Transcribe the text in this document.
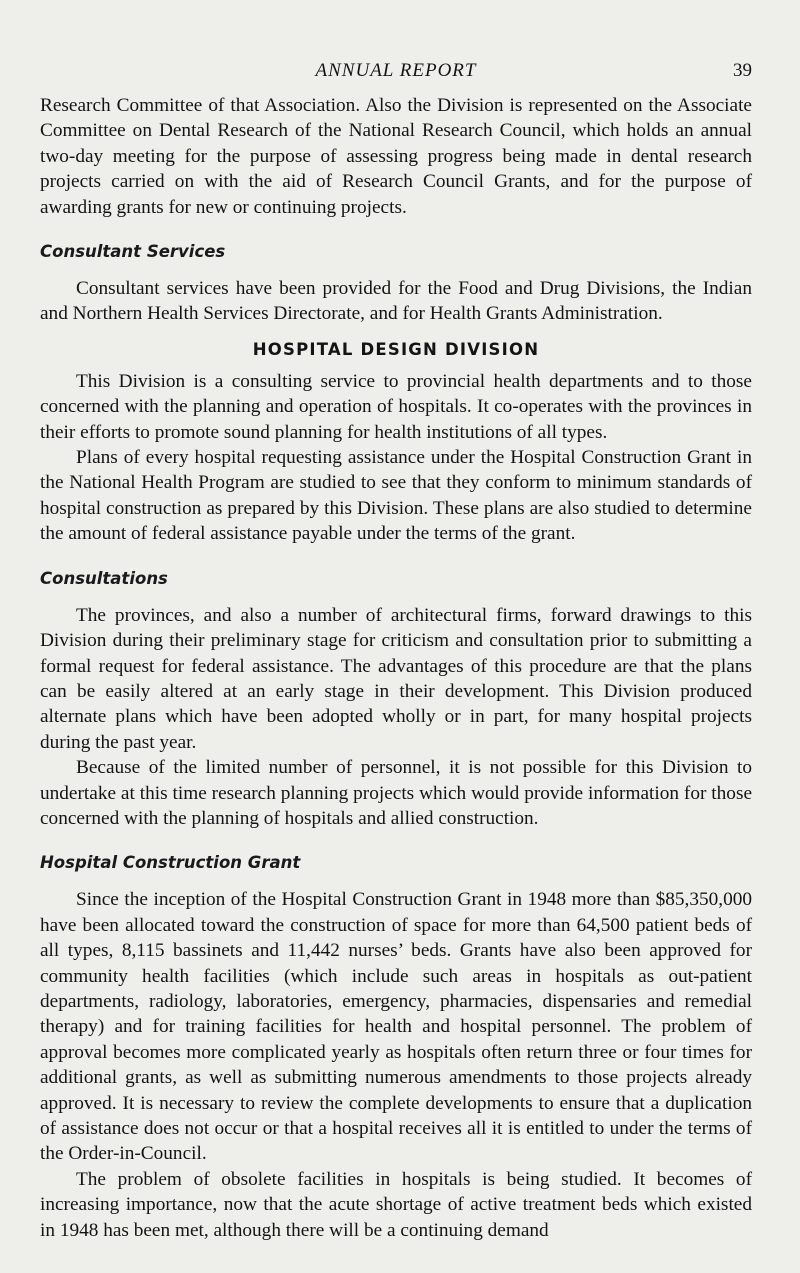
ANNUAL REPORT	39

Research Committee of that Association. Also the Division is represented on the Associate Committee on Dental Research of the National Research Council, which holds an annual two-day meeting for the purpose of assessing progress being made in dental research projects carried on with the aid of Research Council Grants, and for the purpose of awarding grants for new or continuing projects.

Consultant Services

Consultant services have been provided for the Food and Drug Divisions, the Indian and Northern Health Services Directorate, and for Health Grants Administration.

HOSPITAL DESIGN DIVISION

This Division is a consulting service to provincial health departments and to those concerned with the planning and operation of hospitals. It co-operates with the provinces in their efforts to promote sound planning for health institutions of all types.

Plans of every hospital requesting assistance under the Hospital Construction Grant in the National Health Program are studied to see that they conform to minimum standards of hospital construction as prepared by this Division. These plans are also studied to determine the amount of federal assistance payable under the terms of the grant.

Consultations

The provinces, and also a number of architectural firms, forward drawings to this Division during their preliminary stage for criticism and consultation prior to submitting a formal request for federal assistance. The advantages of this procedure are that the plans can be easily altered at an early stage in their development. This Division produced alternate plans which have been adopted wholly or in part, for many hospital projects during the past year.

Because of the limited number of personnel, it is not possible for this Division to undertake at this time research planning projects which would provide information for those concerned with the planning of hospitals and allied construction.

Hospital Construction Grant

Since the inception of the Hospital Construction Grant in 1948 more than $85,350,000 have been allocated toward the construction of space for more than 64,500 patient beds of all types, 8,115 bassinets and 11,442 nurses’ beds. Grants have also been approved for community health facilities (which include such areas in hospitals as out-patient departments, radiology, laboratories, emergency, pharmacies, dispensaries and remedial therapy) and for training facilities for health and hospital personnel. The problem of approval becomes more complicated yearly as hospitals often return three or four times for additional grants, as well as submitting numerous amendments to those projects already approved. It is necessary to review the complete developments to ensure that a duplication of assistance does not occur or that a hospital receives all it is entitled to under the terms of the Order-in-Council.

The problem of obsolete facilities in hospitals is being studied. It becomes of increasing importance, now that the acute shortage of active treatment beds which existed in 1948 has been met, although there will be a continuing demand
